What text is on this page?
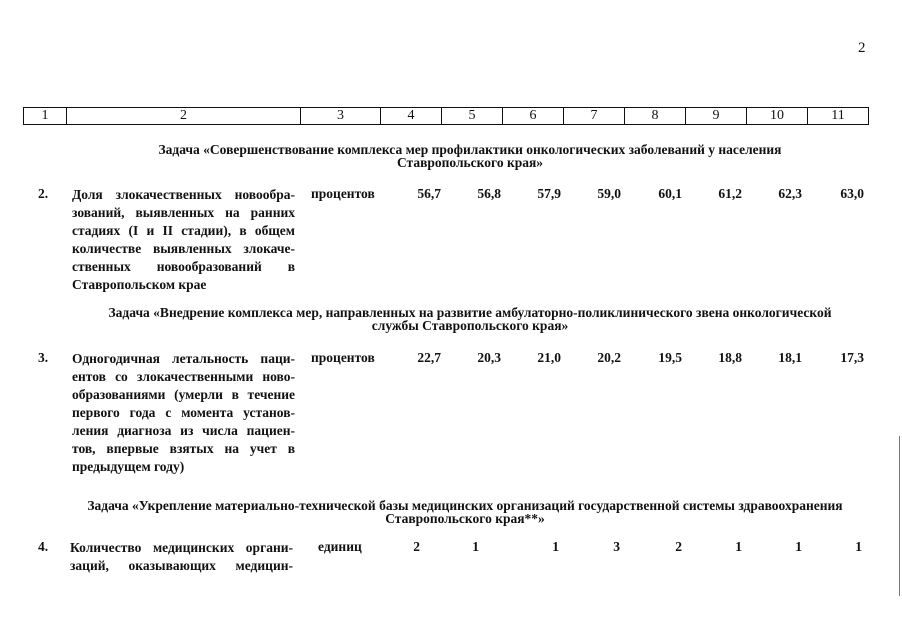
2
1	2	3	4	5	6	7	8	9	10	11
Задача «Совершенствование комплекса мер профилактики онкологических заболеваний у населения
Ставропольского края»
2. Доля злокачественных новообра-
зований, выявленных на ранних
стадиях (I и II стадии), в общем
количестве выявленных злокаче-
ственных новообразований в
Ставропольском крае
процентов	56,7	56,8	57,9	59,0	60,1	61,2	62,3	63,0
Задача «Внедрение комплекса мер, направленных на развитие амбулаторно-поликлинического звена онкологической
службы Ставропольского края»
3. Одногодичная летальность паци-
ентов со злокачественными ново-
образованиями (умерли в течение
первого года с момента установ-
ления диагноза из числа пациен-
тов, впервые взятых на учет в
предыдущем году)
процентов	22,7	20,3	21,0	20,2	19,5	18,8	18,1	17,3
Задача «Укрепление материально-технической базы медицинских организаций государственной системы здравоохранения
Ставропольского края**»
4. Количество медицинских органи-
заций, оказывающих медицин-
единиц	2	1	1	3	2	1	1	1
